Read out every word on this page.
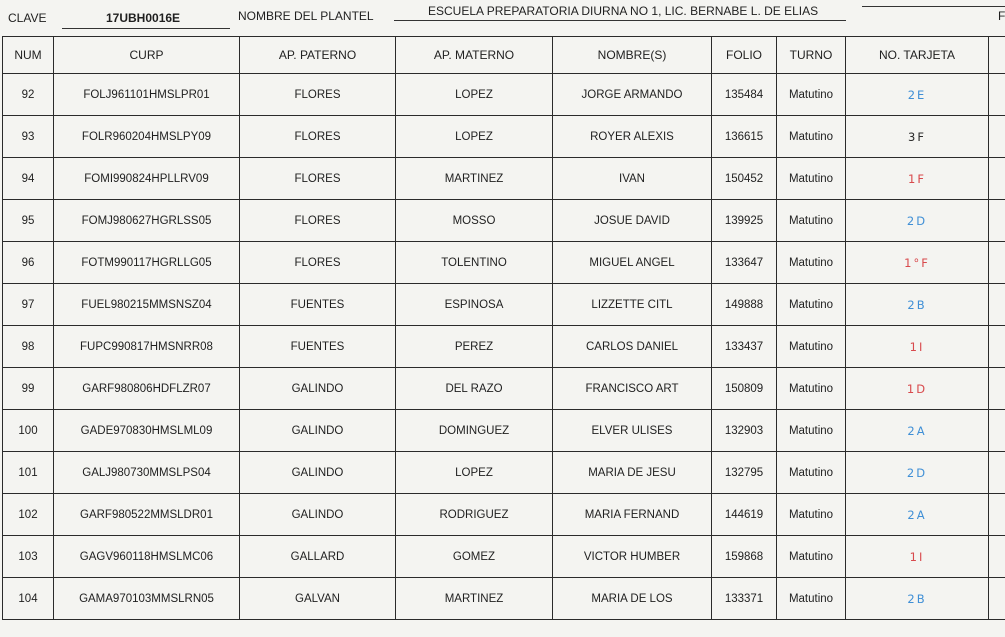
CLAVE	17UBH0016E	NOMBRE DEL PLANTEL	ESCUELA PREPARATORIA DIURNA NO 1, LIC. BERNABE L. DE ELIAS	F
NUM	CURP	AP. PATERNO	AP. MATERNO	NOMBRE(S)	FOLIO	TURNO	NO. TARJETA	
92	FOLJ961101HMSLPR01	FLORES	LOPEZ	JORGE ARMANDO	135484	Matutino	2E	
93	FOLR960204HMSLPY09	FLORES	LOPEZ	ROYER ALEXIS	136615	Matutino	3F	
94	FOMI990824HPLLRV09	FLORES	MARTINEZ	IVAN	150452	Matutino	1F	
95	FOMJ980627HGRLSS05	FLORES	MOSSO	JOSUE DAVID	139925	Matutino	2D	
96	FOTM990117HGRLLG05	FLORES	TOLENTINO	MIGUEL ANGEL	133647	Matutino	1°F	
97	FUEL980215MMSNSZ04	FUENTES	ESPINOSA	LIZZETTE CITL	149888	Matutino	2B	
98	FUPC990817HMSNRR08	FUENTES	PEREZ	CARLOS DANIEL	133437	Matutino	1I	
99	GARF980806HDFLZR07	GALINDO	DEL RAZO	FRANCISCO ART	150809	Matutino	1D	
100	GADE970830HMSLML09	GALINDO	DOMINGUEZ	ELVER ULISES	132903	Matutino	2A	
101	GALJ980730MMSLPS04	GALINDO	LOPEZ	MARIA DE JESU	132795	Matutino	2D	
102	GARF980522MMSLDR01	GALINDO	RODRIGUEZ	MARIA FERNAND	144619	Matutino	2A	
103	GAGV960118HMSLMC06	GALLARD	GOMEZ	VICTOR HUMBER	159868	Matutino	1I	
104	GAMA970103MMSLRN05	GALVAN	MARTINEZ	MARIA DE LOS	133371	Matutino	2B	
